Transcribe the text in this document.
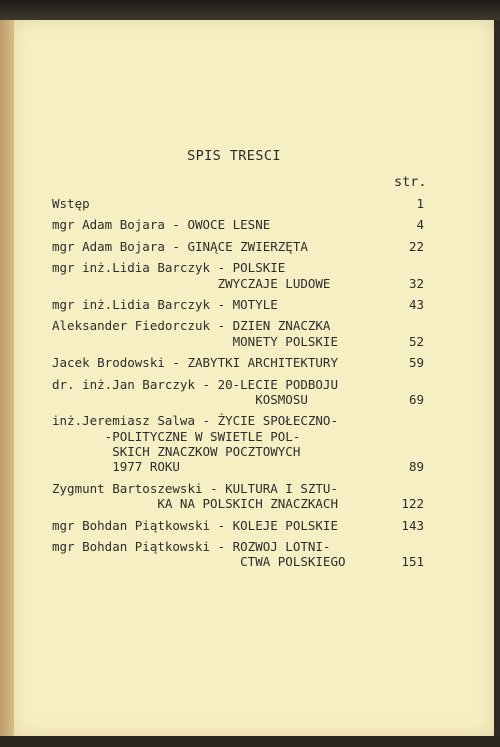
SPIS TRESCI
str.
Wstęp	1
mgr Adam Bojara - OWOCE LESNE	4
mgr Adam Bojara - GINĄCE ZWIERZĘTA	22
mgr inż.Lidia Barczyk - POLSKIE
ZWYCZAJE LUDOWE	32
mgr inż.Lidia Barczyk - MOTYLE	43
Aleksander Fiedorczuk - DZIEN ZNACZKA
MONETY POLSKIE	52
Jacek Brodowski - ZABYTKI ARCHITEKTURY	59
dr. inż.Jan Barczyk - 20-LECIE PODBOJU
KOSMOSU	69
inż.Jeremiasz Salwa - ŻYCIE SPOŁECZNO-
-POLITYCZNE W SWIETLE POL-
SKICH ZNACZKOW POCZTOWYCH
1977 ROKU	89
Zygmunt Bartoszewski - KULTURA I SZTU-
KA NA POLSKICH ZNACZKACH	122
mgr Bohdan Piątkowski - KOLEJE POLSKIE	143
mgr Bohdan Piątkowski - ROZWOJ LOTNI-
CTWA POLSKIEGO	151
